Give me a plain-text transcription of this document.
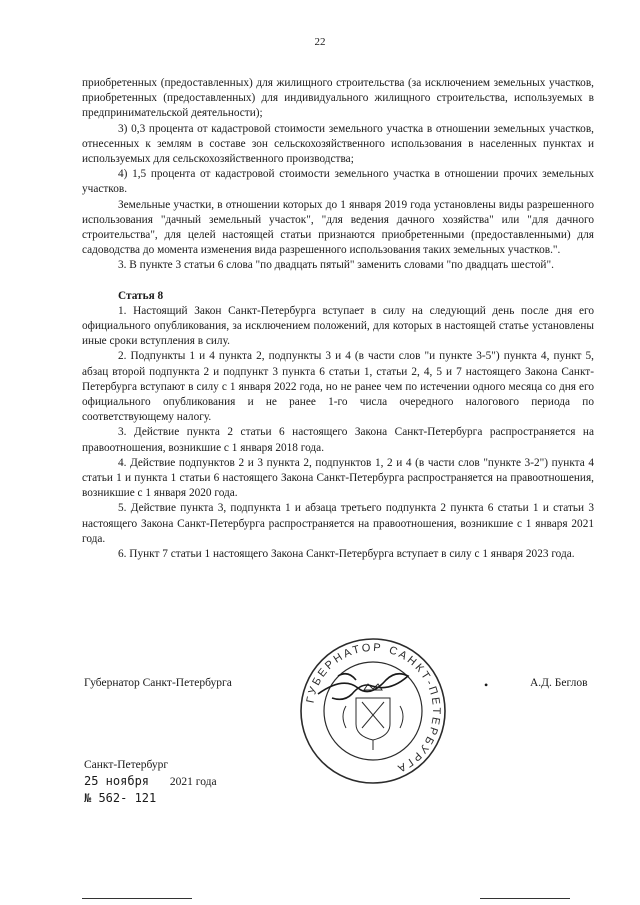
22

приобретенных (предоставленных) для жилищного строительства (за исключением земельных участков, приобретенных (предоставленных) для индивидуального жилищного строительства, используемых в предпринимательской деятельности);

3) 0,3 процента от кадастровой стоимости земельного участка в отношении земельных участков, отнесенных к землям в составе зон сельскохозяйственного использования в населенных пунктах и используемых для сельскохозяйственного производства;

4) 1,5 процента от кадастровой стоимости земельного участка в отношении прочих земельных участков.

Земельные участки, в отношении которых до 1 января 2019 года установлены виды разрешенного использования "дачный земельный участок", "для ведения дачного хозяйства" или "для дачного строительства", для целей настоящей статьи признаются приобретенными (предоставленными) для садоводства до момента изменения вида разрешенного использования таких земельных участков.".

3. В пункте 3 статьи 6 слова "по двадцать пятый" заменить словами "по двадцать шестой".

Статья 8

1. Настоящий Закон Санкт-Петербурга вступает в силу на следующий день после дня его официального опубликования, за исключением положений, для которых в настоящей статье установлены иные сроки вступления в силу.

2. Подпункты 1 и 4 пункта 2, подпункты 3 и 4 (в части слов "и пункте 3-5") пункта 4, пункт 5, абзац второй подпункта 2 и подпункт 3 пункта 6 статьи 1, статьи 2, 4, 5 и 7 настоящего Закона Санкт-Петербурга вступают в силу с 1 января 2022 года, но не ранее чем по истечении одного месяца со дня его официального опубликования и не ранее 1-го числа очередного налогового периода по соответствующему налогу.

3. Действие пункта 2 статьи 6 настоящего Закона Санкт-Петербурга распространяется на правоотношения, возникшие с 1 января 2018 года.

4. Действие подпунктов 2 и 3 пункта 2, подпунктов 1, 2 и 4 (в части слов "пункте 3-2") пункта 4 статьи 1 и пункта 1 статьи 6 настоящего Закона Санкт-Петербурга распространяется на правоотношения, возникшие с 1 января 2020 года.

5. Действие пункта 3, подпункта 1 и абзаца третьего подпункта 2 пункта 6 статьи 1 и статьи 3 настоящего Закона Санкт-Петербурга распространяется на правоотношения, возникшие с 1 января 2021 года.

6. Пункт 7 статьи 1 настоящего Закона Санкт-Петербурга вступает в силу с 1 января 2023 года.

Губернатор Санкт-Петербурга
ГУБЕРНАТОР САНКТ-ПЕТЕРБУРГА
•	А.Д. Беглов
Санкт-Петербург
25 ноября 2021 года
№ 562- 121
